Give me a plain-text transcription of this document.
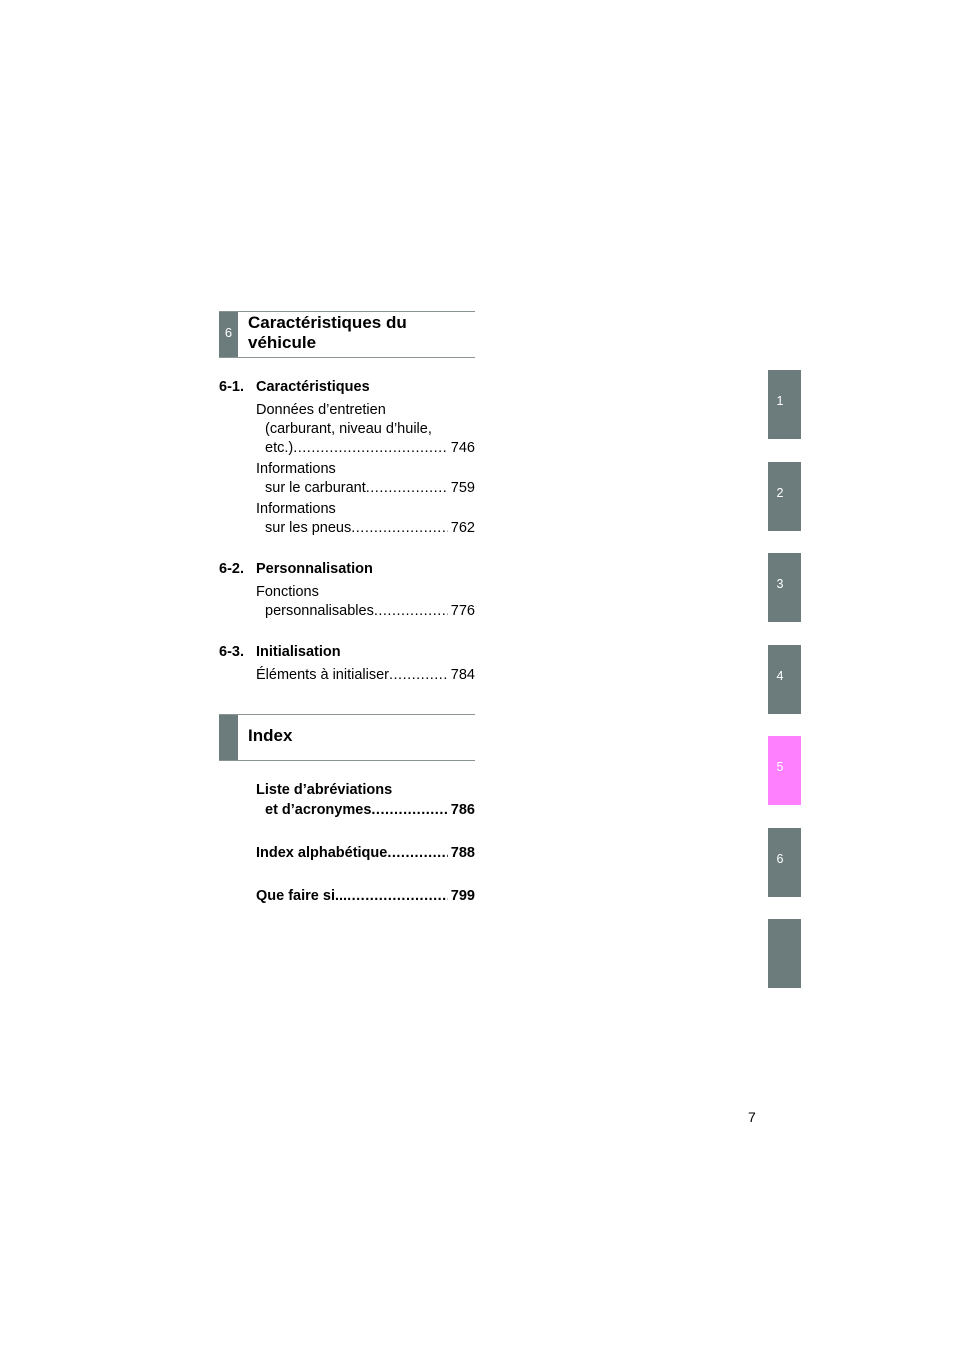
6
Caractéristiques du
véhicule
6-1. Caractéristiques
Données d’entretien
(carburant, niveau d’huile,
etc.) .....	746
Informations
sur le carburant .....	759
Informations
sur les pneus .....	762
6-2. Personnalisation
Fonctions
personnalisables .....	776
6-3. Initialisation
Éléments à initialiser .....	784
Index
Liste d’abréviations
et d’acronymes .....	786
Index alphabétique .....	788
Que faire si... .....	799
1
2
3
4
5
6
7
